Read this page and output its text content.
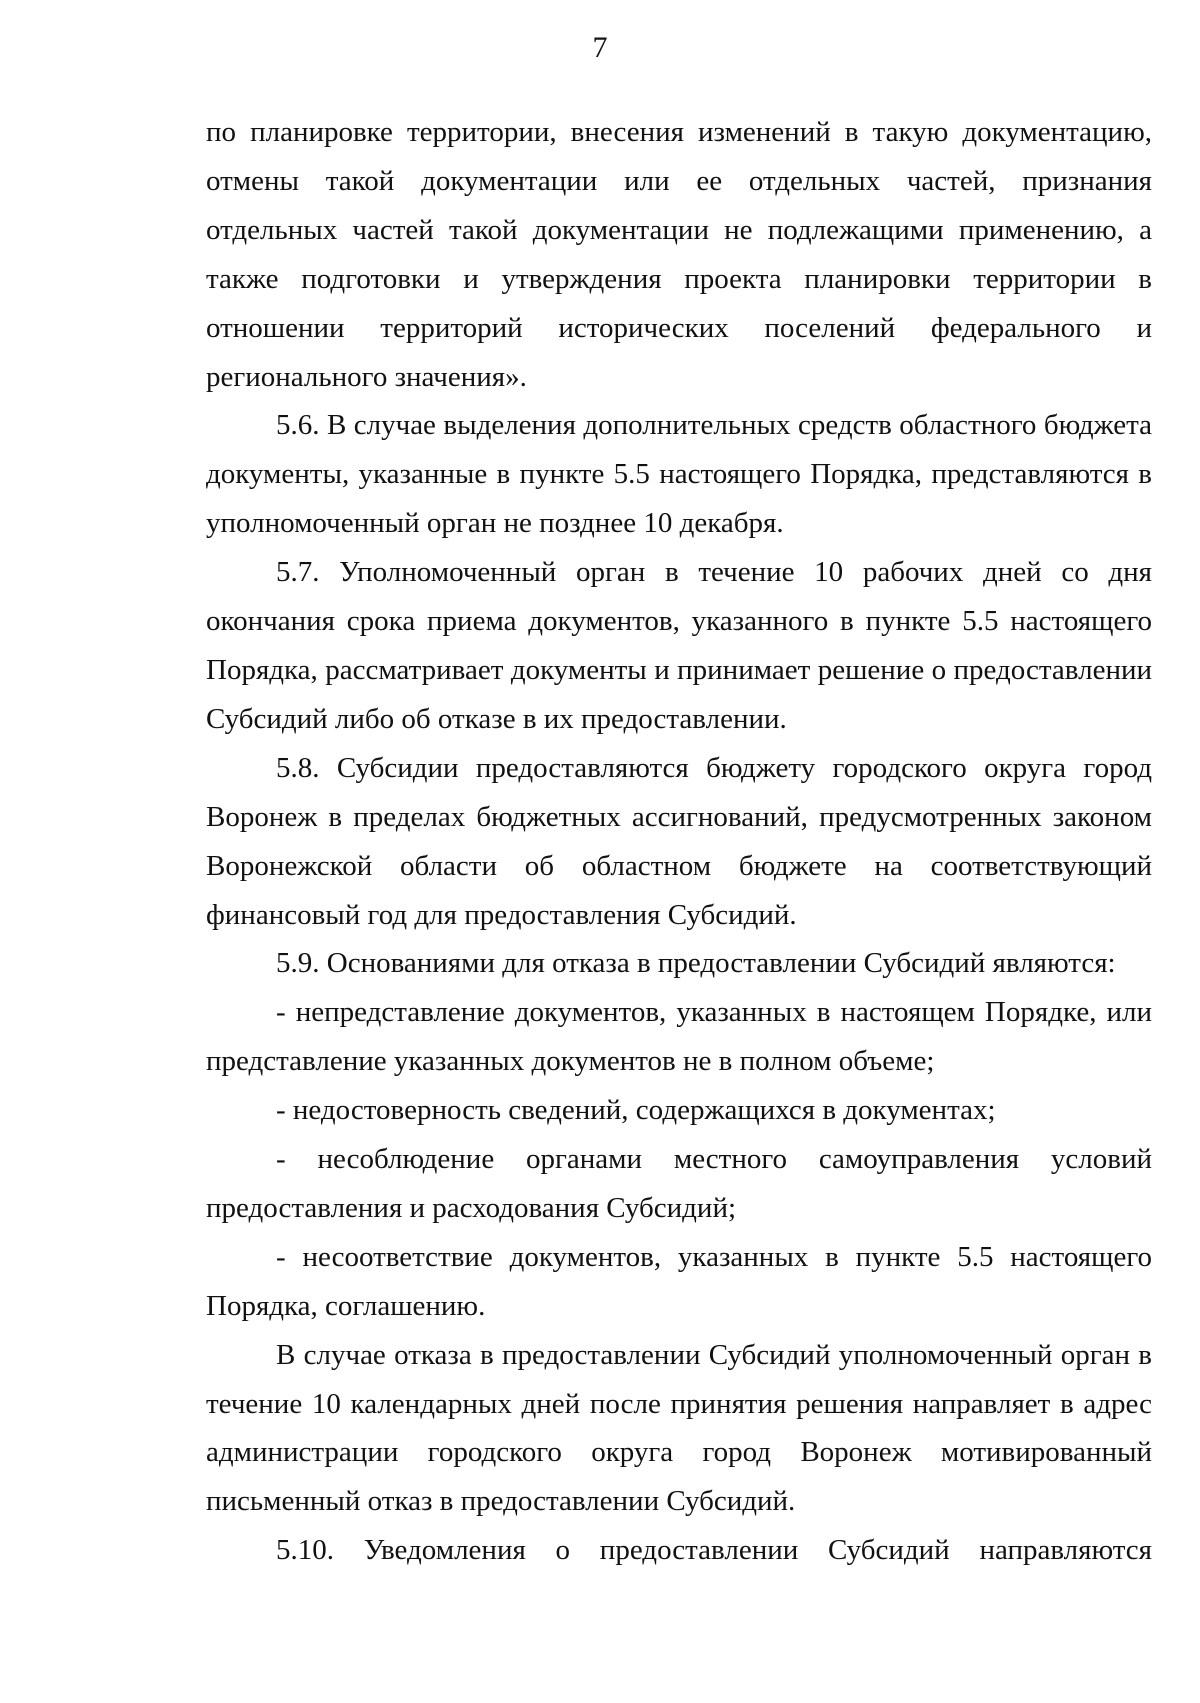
7

по планировке территории, внесения изменений в такую документацию, отмены такой документации или ее отдельных частей, признания отдельных частей такой документации не подлежащими применению, а также подготовки и утверждения проекта планировки территории в отношении территорий исторических поселений федерального и регионального значения».

5.6. В случае выделения дополнительных средств областного бюджета документы, указанные в пункте 5.5 настоящего Порядка, представляются в уполномоченный орган не позднее 10 декабря.

5.7. Уполномоченный орган в течение 10 рабочих дней со дня окончания срока приема документов, указанного в пункте 5.5 настоящего Порядка, рассматривает документы и принимает решение о предоставлении Субсидий либо об отказе в их предоставлении.

5.8. Субсидии предоставляются бюджету городского округа город Воронеж в пределах бюджетных ассигнований, предусмотренных законом Воронежской области об областном бюджете на соответствующий финансовый год для предоставления Субсидий.

5.9. Основаниями для отказа в предоставлении Субсидий являются:

- непредставление документов, указанных в настоящем Порядке, или представление указанных документов не в полном объеме;

- недостоверность сведений, содержащихся в документах;

- несоблюдение органами местного самоуправления условий предоставления и расходования Субсидий;

- несоответствие документов, указанных в пункте 5.5 настоящего Порядка, соглашению.

В случае отказа в предоставлении Субсидий уполномоченный орган в течение 10 календарных дней после принятия решения направляет в адрес администрации городского округа город Воронеж мотивированный письменный отказ в предоставлении Субсидий.

5.10. Уведомления о предоставлении Субсидий направляются
